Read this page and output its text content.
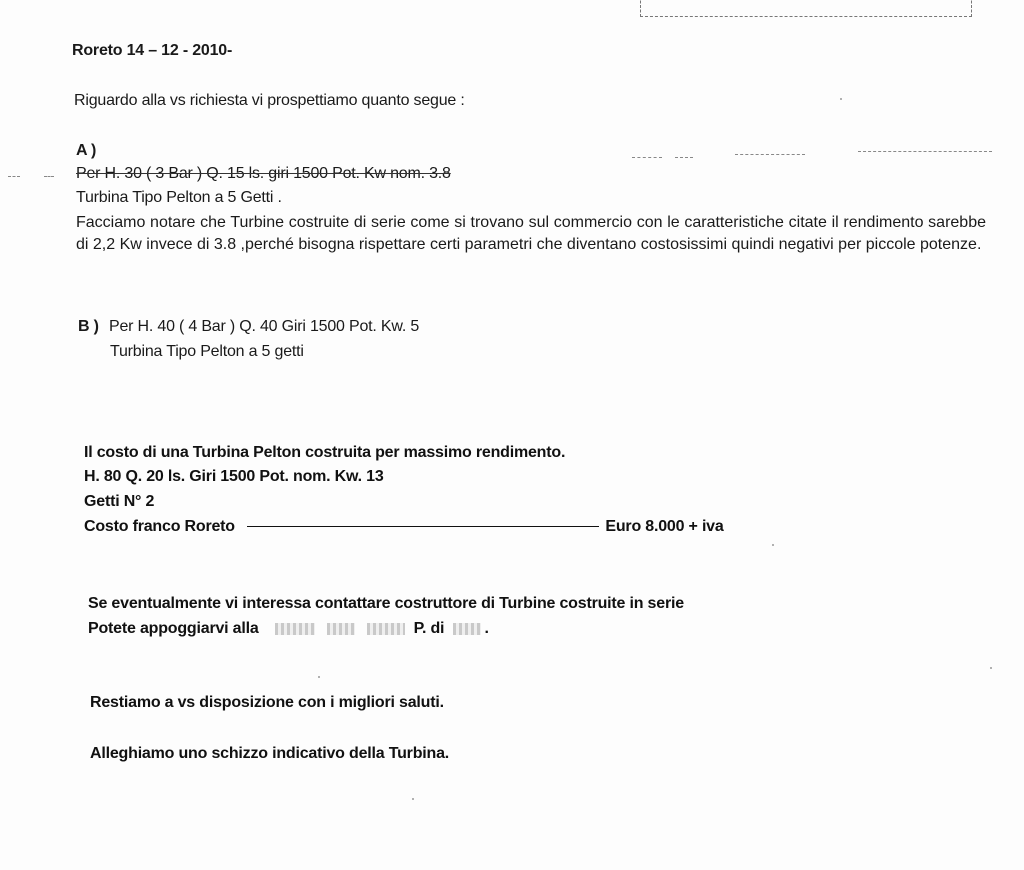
Roreto 14 – 12 - 2010-
Riguardo alla vs richiesta vi prospettiamo quanto segue :
A )
Per H. 30 ( 3 Bar ) Q. 15 ls. giri 1500 Pot. Kw nom. 3.8
Turbina Tipo Pelton a 5 Getti .
Facciamo notare che Turbine costruite di serie come si trovano sul commercio con le caratteristiche citate il rendimento sarebbe di 2,2 Kw invece di 3.8 ,perché bisogna rispettare certi parametri che diventano costosissimi quindi negativi per piccole potenze.
B ) Per H. 40 ( 4 Bar ) Q. 40 Giri 1500 Pot. Kw. 5
Turbina Tipo Pelton a 5 getti
Il costo di una Turbina Pelton costruita per massimo rendimento.
H. 80 Q. 20 ls. Giri 1500 Pot. nom. Kw. 13
Getti N° 2
Costo franco Roreto	Euro 8.000 + iva
Se eventualmente vi interessa contattare costruttore di Turbine costruite in serie
Potete appoggiarvi alla	P. di	.
Restiamo a vs disposizione con i migliori saluti.
Alleghiamo uno schizzo indicativo della Turbina.
